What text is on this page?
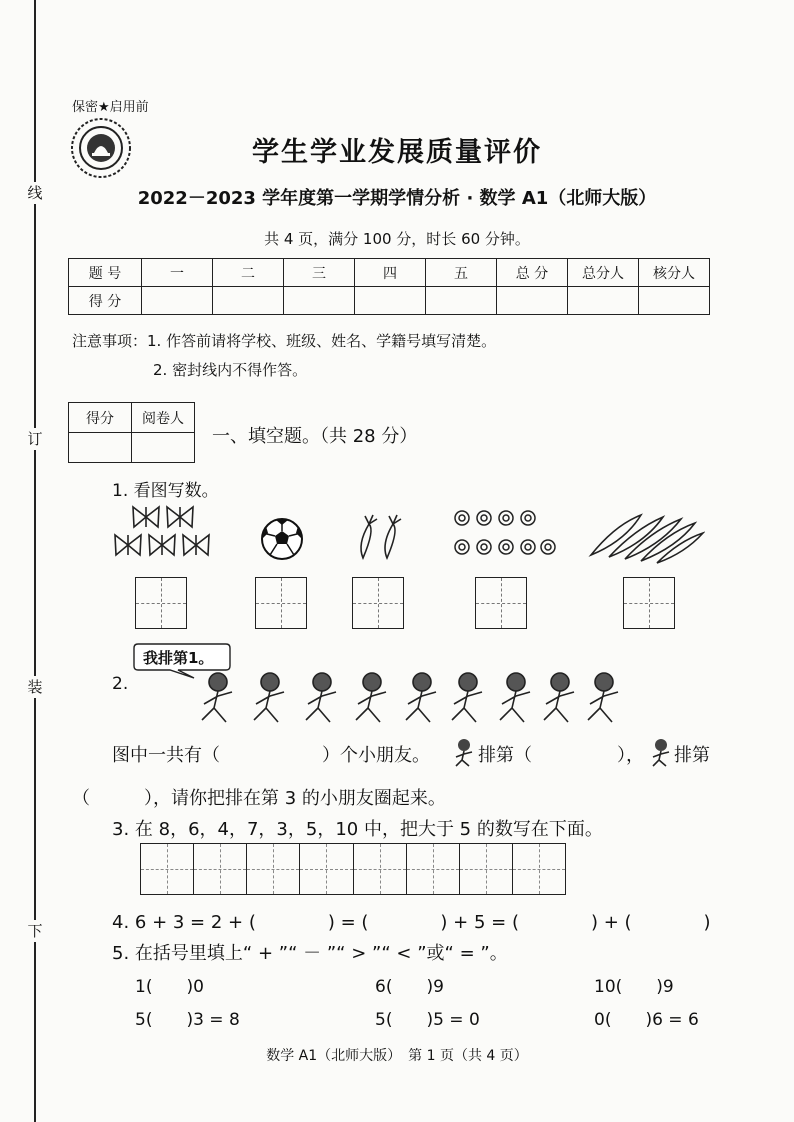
线
订
装
下
保密★启用前
学生学业发展质量评价
2022－2023 学年度第一学期学情分析 · 数学 A1（北师大版）
共 4 页，满分 100 分，时长 60 分钟。
题 号	一	二	三	四	五	总 分	总分人	核分人
得 分								
注意事项：1. 作答前请将学校、班级、姓名、学籍号填写清楚。
2. 密封线内不得作答。
得分	阅卷人

一、填空题。（共 28 分）
1. 看图写数。
2.
我排第1。
图中一共有（	）个小朋友。	排第（	）， 排第
（　　　），请你把排在第 3 的小朋友圈起来。
3. 在 8，6，4，7，3，5，10 中，把大于 5 的数写在下面。
4. 6 + 3 = 2 + (　　　　) = (　　　　) + 5 = (　　　　) + (　　　　)
5. 在括号里填上“ + ”“ － ”“ > ”“ < ”或“ = ”。
1(　　)0	6(　　)9	10(　　)9
5(　　)3 = 8	5(　　)5 = 0	0(　　)6 = 6
数学 A1（北师大版）　第 1 页（共 4 页）
